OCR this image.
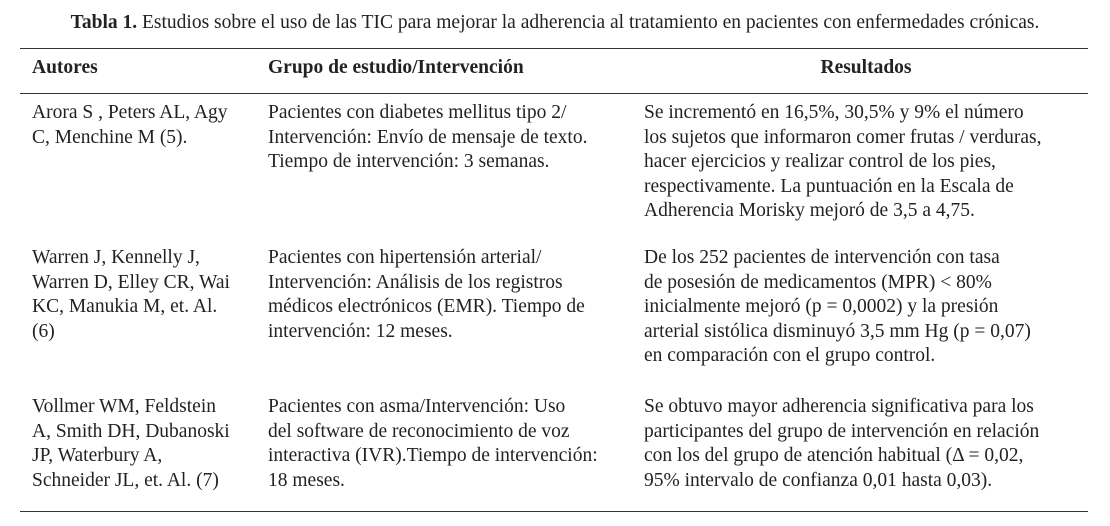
Tabla 1. Estudios sobre el uso de las TIC para mejorar la adherencia al tratamiento en pacientes con enfermedades crónicas.
Autores	Grupo de estudio/Intervención	Resultados
Arora S , Peters AL, Agy
C, Menchine M (5).
Pacientes con diabetes mellitus tipo 2/
Intervención: Envío de mensaje de texto.
Tiempo de intervención: 3 semanas.
Se incrementó en 16,5%, 30,5% y 9% el número
los sujetos que informaron comer frutas / verduras,
hacer ejercicios y realizar control de los pies,
respectivamente. La puntuación en la Escala de
Adherencia Morisky mejoró de 3,5 a 4,75.
Warren J, Kennelly J,
Warren D, Elley CR, Wai
KC, Manukia M, et. Al.
(6)
Pacientes con hipertensión arterial/
Intervención: Análisis de los registros
médicos electrónicos (EMR). Tiempo de
intervención: 12 meses.
De los 252 pacientes de intervención con tasa
de posesión de medicamentos (MPR) < 80%
inicialmente mejoró (p = 0,0002) y la presión
arterial sistólica disminuyó 3,5 mm Hg (p = 0,07)
en comparación con el grupo control.
Vollmer WM, Feldstein
A, Smith DH, Dubanoski
JP, Waterbury A,
Schneider JL, et. Al. (7)
Pacientes con asma/Intervención: Uso
del software de reconocimiento de voz
interactiva (IVR).Tiempo de intervención:
18 meses.
Se obtuvo mayor adherencia significativa para los
participantes del grupo de intervención en relación
con los del grupo de atención habitual (Δ = 0,02,
95% intervalo de confianza 0,01 hasta 0,03).
